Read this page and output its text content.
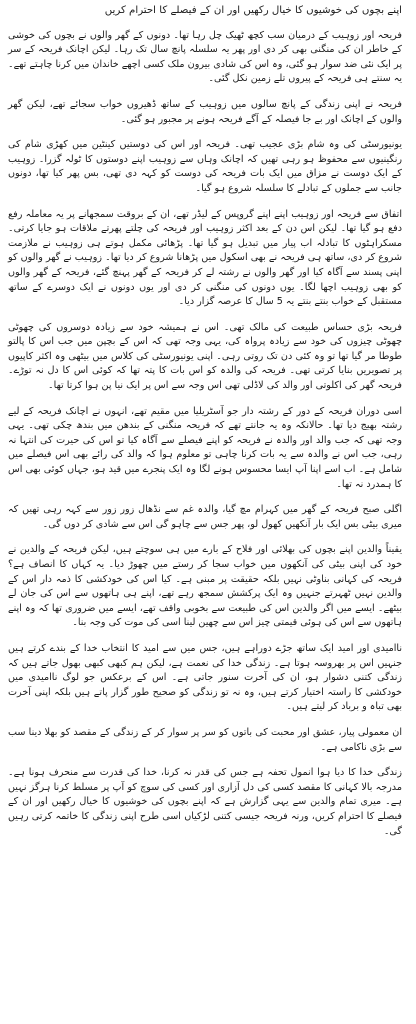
اپنے بچوں کی خوشیوں کا خیال رکھیں اور ان کے فیصلے کا احترام کریں

فریحہ اور زوہیب کے درمیان سب کچھ ٹھیک چل رہا تھا۔ دونوں کے گھر والوں نے بچوں کی خوشی کے خاطر ان کی منگنی بھی کر دی اور پھر یہ سلسلہ پانچ سال تک رہا۔ لیکن اچانک فریحہ کے سر پر ایک نئی ضد سوار ہو گئی، وہ اس کی شادی بیرون ملک کسی اچھے خاندان میں کرنا چاہتے تھے۔ یہ سنتے ہی فریحہ کے پیروں تلے زمین نکل گئی۔

فریحہ نے اپنی زندگی کے پانچ سالوں میں زوہیب کے ساتھ ڈھیروں خواب سجائے تھے، لیکن گھر والوں کے اچانک اور بے جا فیصلہ کے آگے فریحہ ہونے پر مجبور ہو گئی۔

یونیورسٹی کی وہ شام بڑی عجیب تھی۔ فریحہ اور اس کی دوستیں کینٹین میں کھڑی شام کی رنگینیوں سے محفوظ ہو رہی تھیں کہ اچانک وہاں سے زوہیب اپنے دوستوں کا ٹولہ گزرا۔ زوہیب کے ایک دوست نے مزاق میں ایک بات فریحہ کی دوست کو کہہ دی تھی، بس پھر کیا تھا، دونوں جانب سے جملوں کے تبادلے کا سلسلہ شروع ہو گیا۔

اتفاق سے فریحہ اور زوہیب اپنے اپنے گروپس کے لیڈر تھے، ان کے بروقت سمجھانے پر یہ معاملہ رفع دفع ہو گیا تھا۔ لیکن اس دن کے بعد اکثر زوہیب اور فریحہ کی چلتے پھرتے ملاقات ہو جایا کرتی۔ مسکراہٹوں کا تبادلہ اب پیار میں تبدیل ہو گیا تھا۔ پڑھائی مکمل ہوتے ہی زوہیب نے ملازمت شروع کر دی، ساتھ ہی فریحہ نے بھی اسکول میں پڑھانا شروع کر دیا تھا۔ زوہیب نے گھر والوں کو اپنی پسند سے آگاہ کیا اور گھر والوں نے رشتہ لے کر فریحہ کے گھر پہنچ گئے، فریحہ کے گھر والوں کو بھی زوہیب اچھا لگا۔ یوں دونوں کی منگنی کر دی اور یوں دونوں نے ایک دوسرے کے ساتھ مستقبل کے خواب بنتے بنتے یہ 5 سال کا عرصہ گزار دیا۔

فریحہ بڑی حساس طبیعت کی مالک تھی۔ اس نے ہمیشہ خود سے زیادہ دوسروں کی چھوٹی چھوٹی چیزوں کی خود سے زیادہ پرواہ کی، یہی وجہ تھی کہ اس کے بچپن میں جب اس کا پالتو طوطا مر گیا تھا تو وہ کئی دن تک روتی رہی۔ اپنی یونیورسٹی کی کلاس میں بیٹھی وہ اکثر کاپیوں پر تصویریں بنایا کرتی تھی۔ فریحہ کی والدہ کو اس بات کا پتہ تھا کہ کوئی اس کا دل نہ توڑے۔ فریحہ گھر کی اکلوتی اور والد کی لاڈلی تھی اس وجہ سے اس پر ایک نیا پن ہوا کرتا تھا۔

اسی دوران فریحہ کے دور کے رشتہ دار جو آسٹریلیا میں مقیم تھے، انہوں نے اچانک فریحہ کے لیے رشتہ بھیج دیا تھا۔ حالانکہ وہ یہ جانتے تھے کہ فریحہ منگنی کے بندھن میں بندھ چکی تھی۔ یہی وجہ تھی کہ جب والد اور والدہ نے فریحہ کو اپنے فیصلے سے آگاہ کیا تو اس کی حیرت کی انتہا نہ رہی، جب اس نے والدہ سے یہ بات کرنا چاہی تو معلوم ہوا کہ والد کی رائے بھی اس فیصلے میں شامل ہے۔ اب اسے اپنا آپ ایسا محسوس ہونے لگا وہ ایک پنجرے میں قید ہو، جہاں کوئی بھی اس کا ہمدرد نہ تھا۔

اگلی صبح فریحہ کے گھر میں کہرام مچ گیا، والدہ غم سے نڈھال زور زور سے کہہ رہی تھیں کہ میری بیٹی بس ایک بار آنکھیں کھول لو، پھر جس سے چاہو گی اس سے شادی کر دوں گی۔

یقیناً والدین اپنے بچوں کی بھلائی اور فلاح کے بارے میں ہی سوچتے ہیں، لیکن فریحہ کے والدین نے خود کی اپنی بیٹی کی آنکھوں میں خواب سجا کر رستے میں چھوڑ دیا۔ یہ کہاں کا انصاف ہے؟ فریحہ کی کہانی بناوٹی نہیں بلکہ حقیقت پر مبنی ہے۔ کیا اس کی خودکشی کا ذمہ دار اس کے والدین نہیں ٹھہرتے جنہیں وہ ایک پرکشش سمجھ رہے تھے، اپنے ہی ہاتھوں سے اس کی جان لے بیٹھے۔ ایسے میں اگر والدین اس کی طبیعت سے بخوبی واقف تھے، ایسے میں ضروری تھا کہ وہ اپنے ہاتھوں سے اس کی ہوئی قیمتی چیز اس سے چھین لینا اسی کی موت کی وجہ بنا۔

ناامیدی اور امید ایک ساتھ جڑے دوراہے ہیں، جس میں سے امید کا انتخاب خدا کے بندے کرتے ہیں جنہیں اس پر بھروسہ ہوتا ہے۔ زندگی خدا کی نعمت ہے، لیکن ہم کبھی کبھی بھول جاتے ہیں کہ زندگی کتنی دشوار ہو، ان کی آخرت سنور جاتی ہے۔ اس کے برعکس جو لوگ ناامیدی میں خودکشی کا راستہ اختیار کرتے ہیں، وہ نہ تو زندگی کو صحیح طور گزار پاتے ہیں بلکہ اپنی آخرت بھی تباہ و برباد کر لیتے ہیں۔

ان معمولی پیار، عشق اور محبت کی باتوں کو سر پر سوار کر کے زندگی کے مقصد کو بھلا دینا سب سے بڑی ناکامی ہے۔

زندگی خدا کا دیا ہوا انمول تحفہ ہے جس کی قدر نہ کرنا، خدا کی قدرت سے منحرف ہونا ہے۔ مدرجہ بالا کہانی کا مقصد کسی کی دل آزاری اور کسی کی سوچ کو آپ پر مسلط کرنا ہرگز نہیں ہے۔ میری تمام والدین سے یہی گزارش ہے کہ اپنے بچوں کی خوشیوں کا خیال رکھیں اور ان کے فیصلے کا احترام کریں، ورنہ فریحہ جیسی کتنی لڑکیاں اسی طرح اپنی زندگی کا خاتمہ کرتی رہیں گی۔
